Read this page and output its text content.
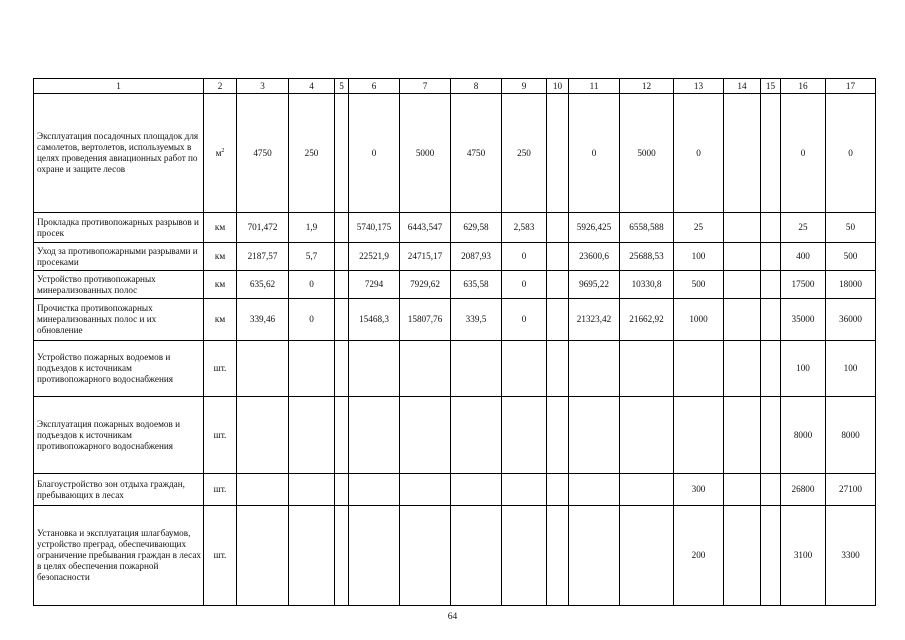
1	2	3	4	5	6	7	8	9	10	11	12	13	14	15	16	17
Эксплуатация посадочных площадок для самолетов, вертолетов, используемых в целях проведения авиационных работ по охране и защите лесов	$м^2$	4750	250		0	5000	4750	250		0	5000	0			0	0
Прокладка противопожарных разрывов и просек	км	701,472	1,9		5740,175	6443,547	629,58	2,583		5926,425	6558,588	25			25	50
Уход за противопожарными разрывами и просеками	км	2187,57	5,7		22521,9	24715,17	2087,93	0		23600,6	25688,53	100			400	500
Устройство противопожарных минерализованных полос	км	635,62	0		7294	7929,62	635,58	0		9695,22	10330,8	500			17500	18000
Прочистка противопожарных минерализованных полос и их обновление	км	339,46	0		15468,3	15807,76	339,5	0		21323,42	21662,92	1000			35000	36000
Устройство пожарных водоемов и подъездов к источникам противопожарного водоснабжения	шт.														100	100
Эксплуатация пожарных водоемов и подъездов к источникам противопожарного водоснабжения	шт.														8000	8000
Благоустройство зон отдыха граждан, пребывающих в лесах	шт.											300			26800	27100
Установка и эксплуатация шлагбаумов, устройство преград, обеспечивающих ограничение пребывания граждан в лесах в целях обеспечения пожарной безопасности	шт.											200			3100	3300
64
